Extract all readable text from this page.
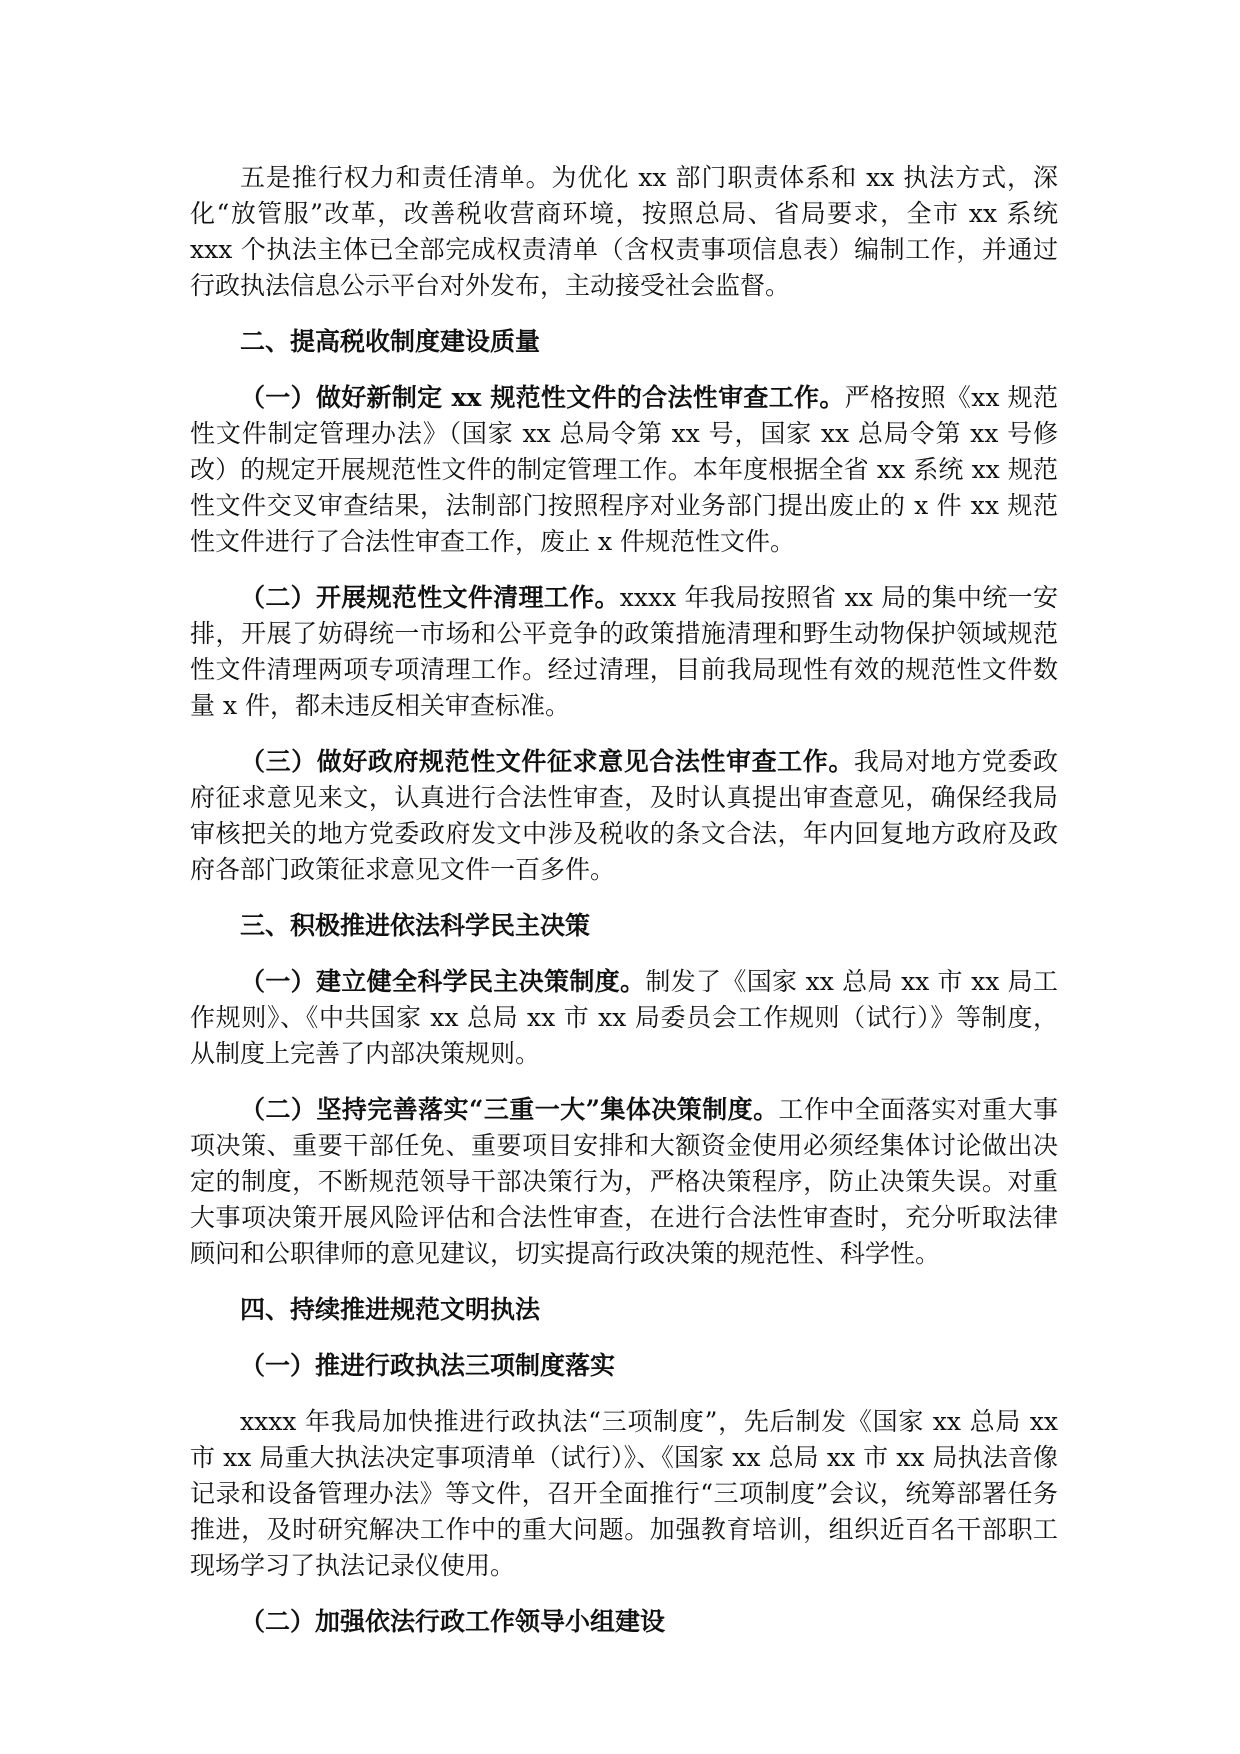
五是推行权力和责任清单。为优化 xx 部门职责体系和 xx 执法方式，深化“放管服”改革，改善税收营商环境，按照总局、省局要求，全市 xx 系统 xxx 个执法主体已全部完成权责清单（含权责事项信息表）编制工作，并通过行政执法信息公示平台对外发布，主动接受社会监督。

二、提高税收制度建设质量

（一）做好新制定 xx 规范性文件的合法性审查工作。严格按照《xx 规范性文件制定管理办法》（国家 xx 总局令第 xx 号，国家 xx 总局令第 xx 号修改）的规定开展规范性文件的制定管理工作。本年度根据全省 xx 系统 xx 规范性文件交叉审查结果，法制部门按照程序对业务部门提出废止的 x 件 xx 规范性文件进行了合法性审查工作，废止 x 件规范性文件。

（二）开展规范性文件清理工作。xxxx 年我局按照省 xx 局的集中统一安排，开展了妨碍统一市场和公平竞争的政策措施清理和野生动物保护领域规范性文件清理两项专项清理工作。经过清理，目前我局现性有效的规范性文件数量 x 件，都未违反相关审查标准。

（三）做好政府规范性文件征求意见合法性审查工作。我局对地方党委政府征求意见来文，认真进行合法性审查，及时认真提出审查意见，确保经我局审核把关的地方党委政府发文中涉及税收的条文合法，年内回复地方政府及政府各部门政策征求意见文件一百多件。

三、积极推进依法科学民主决策

（一）建立健全科学民主决策制度。制发了《国家 xx 总局 xx 市 xx 局工作规则》、《中共国家 xx 总局 xx 市 xx 局委员会工作规则（试行）》等制度，从制度上完善了内部决策规则。

（二）坚持完善落实“三重一大”集体决策制度。工作中全面落实对重大事项决策、重要干部任免、重要项目安排和大额资金使用必须经集体讨论做出决定的制度，不断规范领导干部决策行为，严格决策程序，防止决策失误。对重大事项决策开展风险评估和合法性审查，在进行合法性审查时，充分听取法律顾问和公职律师的意见建议，切实提高行政决策的规范性、科学性。

四、持续推进规范文明执法

（一）推进行政执法三项制度落实

xxxx 年我局加快推进行政执法“三项制度”，先后制发《国家 xx 总局 xx 市 xx 局重大执法决定事项清单（试行）》、《国家 xx 总局 xx 市 xx 局执法音像记录和设备管理办法》等文件，召开全面推行“三项制度”会议，统筹部署任务推进，及时研究解决工作中的重大问题。加强教育培训，组织近百名干部职工现场学习了执法记录仪使用。

（二）加强依法行政工作领导小组建设
